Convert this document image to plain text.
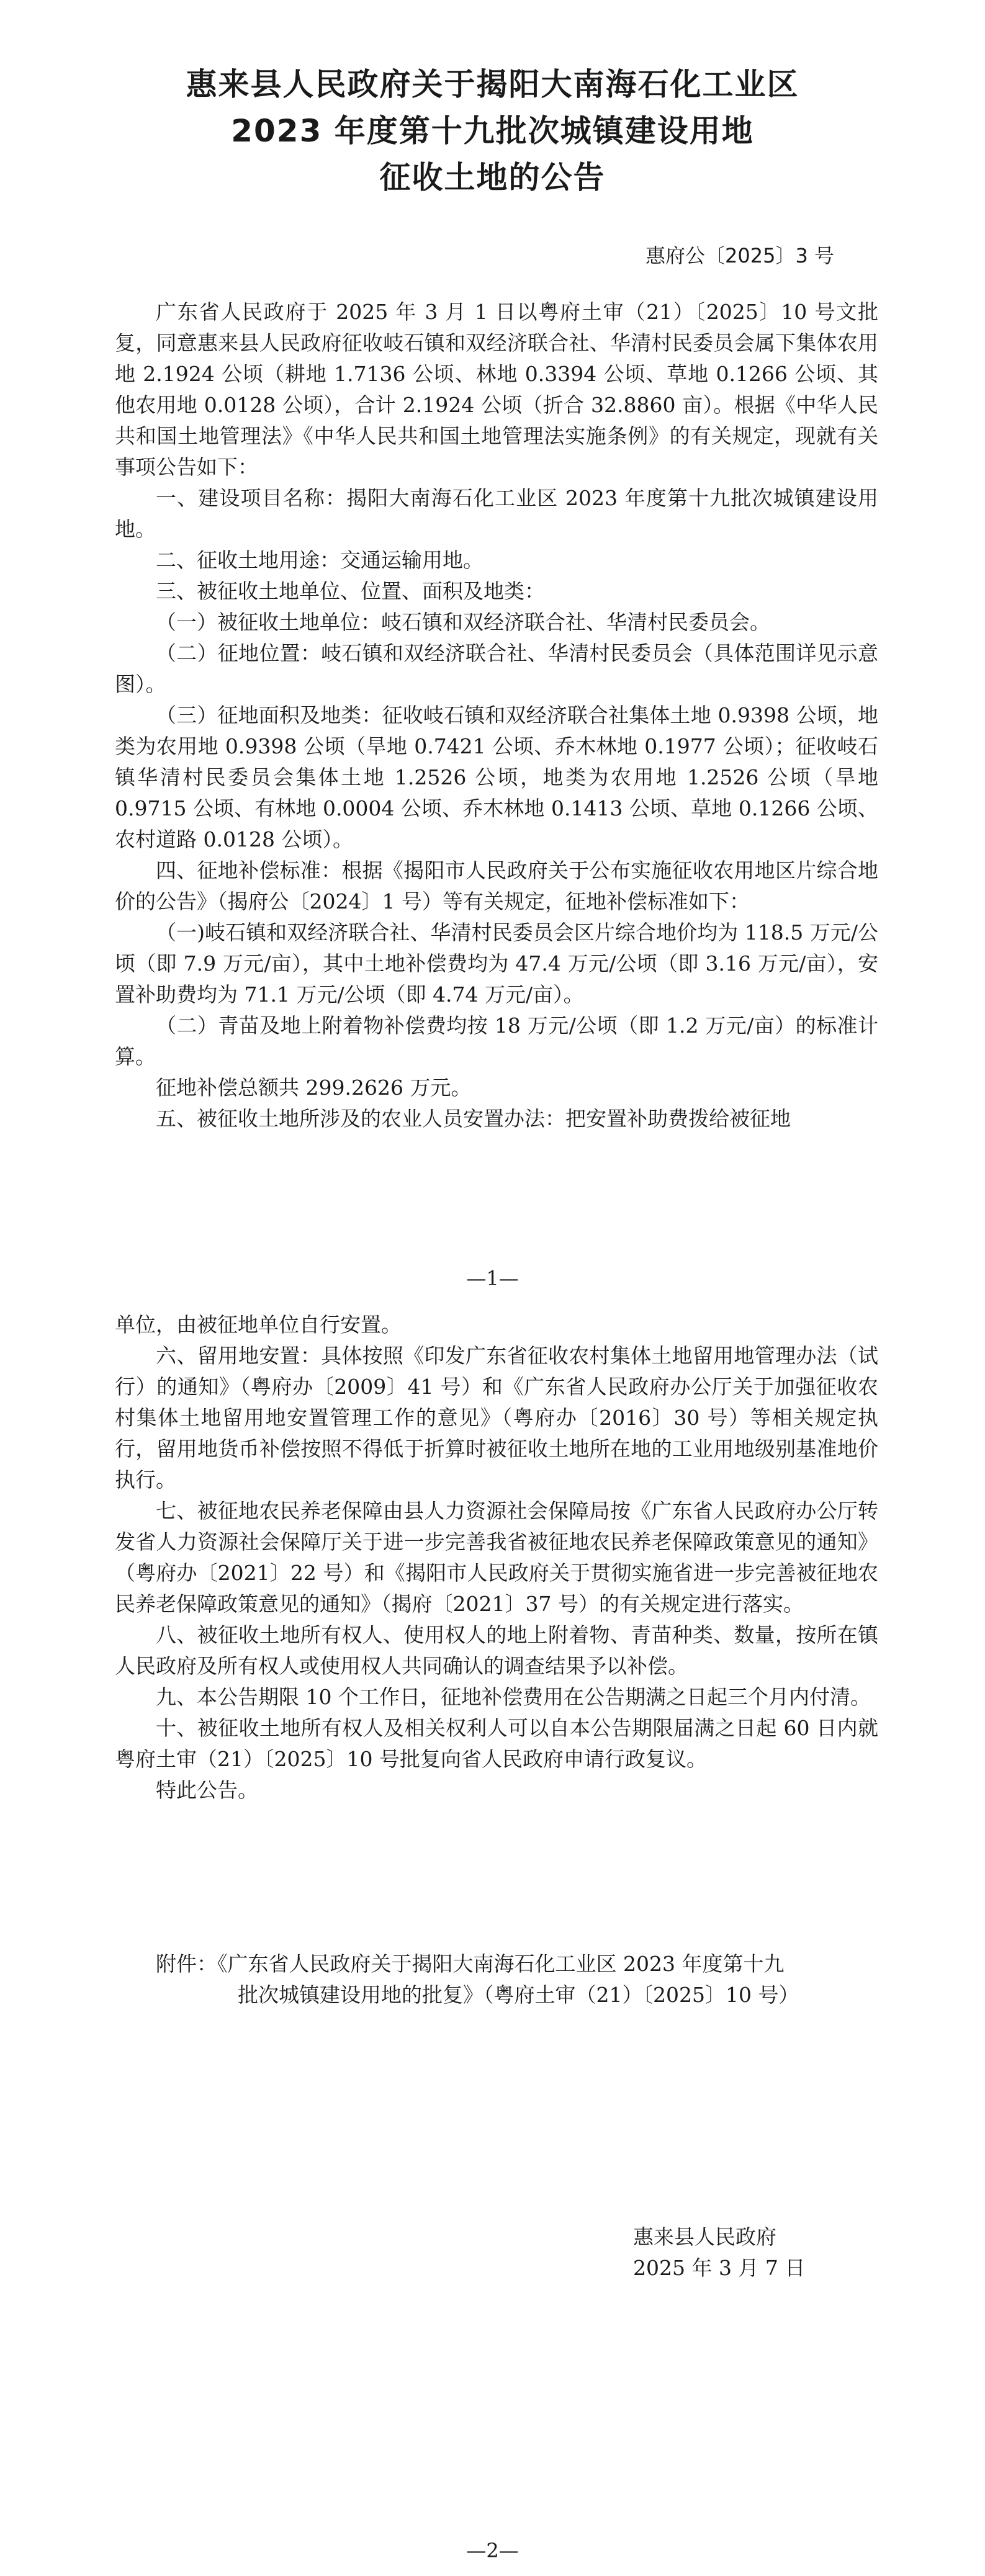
惠来县人民政府关于揭阳大南海石化工业区
2023 年度第十九批次城镇建设用地
征收土地的公告
惠府公〔2025〕3 号

广东省人民政府于 2025 年 3 月 1 日以粤府土审（21）〔2025〕10 号文批复，同意惠来县人民政府征收岐石镇和双经济联合社、华清村民委员会属下集体农用地 2.1924 公顷（耕地 1.7136 公顷、林地 0.3394 公顷、草地 0.1266 公顷、其他农用地 0.0128 公顷），合计 2.1924 公顷（折合 32.8860 亩）。根据《中华人民共和国土地管理法》《中华人民共和国土地管理法实施条例》的有关规定，现就有关事项公告如下：

一、建设项目名称：揭阳大南海石化工业区 2023 年度第十九批次城镇建设用地。

二、征收土地用途：交通运输用地。

三、被征收土地单位、位置、面积及地类：

（一）被征收土地单位：岐石镇和双经济联合社、华清村民委员会。

（二）征地位置：岐石镇和双经济联合社、华清村民委员会（具体范围详见示意图）。

（三）征地面积及地类：征收岐石镇和双经济联合社集体土地 0.9398 公顷，地类为农用地 0.9398 公顷（旱地 0.7421 公顷、乔木林地 0.1977 公顷）；征收岐石镇华清村民委员会集体土地 1.2526 公顷，地类为农用地 1.2526 公顷（旱地 0.9715 公顷、有林地 0.0004 公顷、乔木林地 0.1413 公顷、草地 0.1266 公顷、农村道路 0.0128 公顷）。

四、征地补偿标准：根据《揭阳市人民政府关于公布实施征收农用地区片综合地价的公告》（揭府公〔2024〕1 号）等有关规定，征地补偿标准如下：

（一)岐石镇和双经济联合社、华清村民委员会区片综合地价均为 118.5 万元/公顷（即 7.9 万元/亩），其中土地补偿费均为 47.4 万元/公顷（即 3.16 万元/亩），安置补助费均为 71.1 万元/公顷（即 4.74 万元/亩）。

（二）青苗及地上附着物补偿费均按 18 万元/公顷（即 1.2 万元/亩）的标准计算。

征地补偿总额共 299.2626 万元。

五、被征收土地所涉及的农业人员安置办法：把安置补助费拨给被征地

—1—

单位，由被征地单位自行安置。

六、留用地安置：具体按照《印发广东省征收农村集体土地留用地管理办法（试行）的通知》（粤府办〔2009〕41 号）和《广东省人民政府办公厅关于加强征收农村集体土地留用地安置管理工作的意见》（粤府办〔2016〕30 号）等相关规定执行，留用地货币补偿按照不得低于折算时被征收土地所在地的工业用地级别基准地价执行。

七、被征地农民养老保障由县人力资源社会保障局按《广东省人民政府办公厅转发省人力资源社会保障厅关于进一步完善我省被征地农民养老保障政策意见的通知》（粤府办〔2021〕22 号）和《揭阳市人民政府关于贯彻实施省进一步完善被征地农民养老保障政策意见的通知》（揭府〔2021〕37 号）的有关规定进行落实。

八、被征收土地所有权人、使用权人的地上附着物、青苗种类、数量，按所在镇人民政府及所有权人或使用权人共同确认的调查结果予以补偿。

九、本公告期限 10 个工作日，征地补偿费用在公告期满之日起三个月内付清。

十、被征收土地所有权人及相关权利人可以自本公告期限届满之日起 60 日内就粤府土审（21）〔2025〕10 号批复向省人民政府申请行政复议。

特此公告。

附件：《广东省人民政府关于揭阳大南海石化工业区 2023 年度第十九
批次城镇建设用地的批复》（粤府土审（21）〔2025〕10 号）
惠来县人民政府
2025 年 3 月 7 日
—2—
